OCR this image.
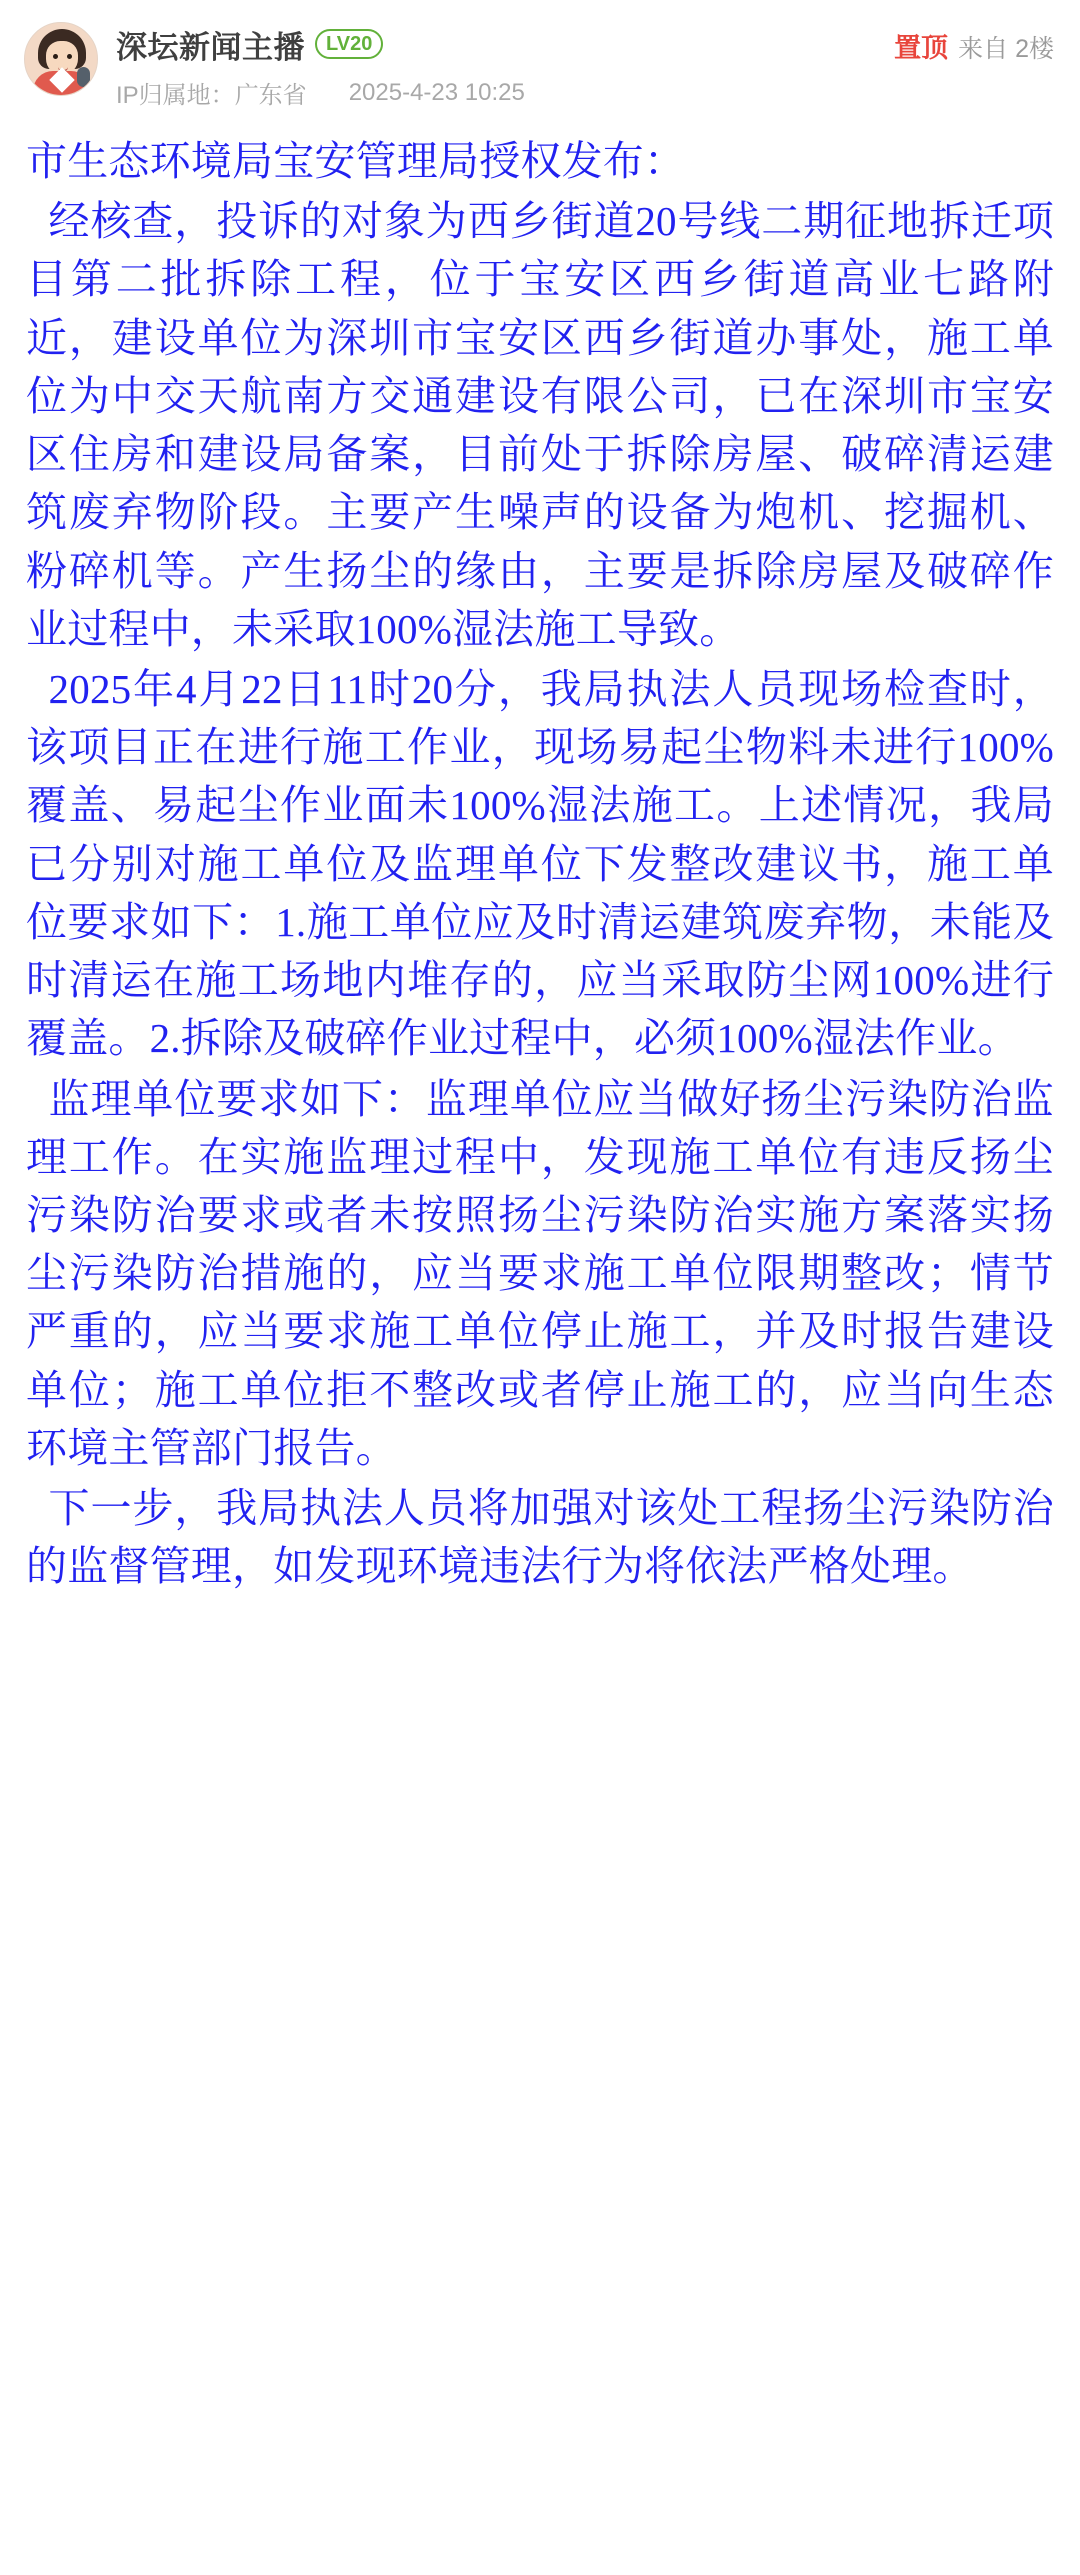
深坛新闻主播	LV20
IP归属地：广东省 2025-4-23 10:25
置顶 来自 2楼

市生态环境局宝安管理局授权发布：

经核查，投诉的对象为西乡街道20号线二期征地拆迁项目第二批拆除工程，位于宝安区西乡街道高业七路附近，建设单位为深圳市宝安区西乡街道办事处，施工单位为中交天航南方交通建设有限公司，已在深圳市宝安区住房和建设局备案，目前处于拆除房屋、破碎清运建筑废弃物阶段。主要产生噪声的设备为炮机、挖掘机、粉碎机等。产生扬尘的缘由，主要是拆除房屋及破碎作业过程中，未采取100%湿法施工导致。

2025年4月22日11时20分，我局执法人员现场检查时，该项目正在进行施工作业，现场易起尘物料未进行100%覆盖、易起尘作业面未100%湿法施工。上述情况，我局已分别对施工单位及监理单位下发整改建议书，施工单位要求如下：1.施工单位应及时清运建筑废弃物，未能及时清运在施工场地内堆存的，应当采取防尘网100%进行覆盖。2.拆除及破碎作业过程中，必须100%湿法作业。

监理单位要求如下：监理单位应当做好扬尘污染防治监理工作。在实施监理过程中，发现施工单位有违反扬尘污染防治要求或者未按照扬尘污染防治实施方案落实扬尘污染防治措施的，应当要求施工单位限期整改；情节严重的，应当要求施工单位停止施工，并及时报告建设单位；施工单位拒不整改或者停止施工的，应当向生态环境主管部门报告。

下一步，我局执法人员将加强对该处工程扬尘污染防治的监督管理，如发现环境违法行为将依法严格处理。
